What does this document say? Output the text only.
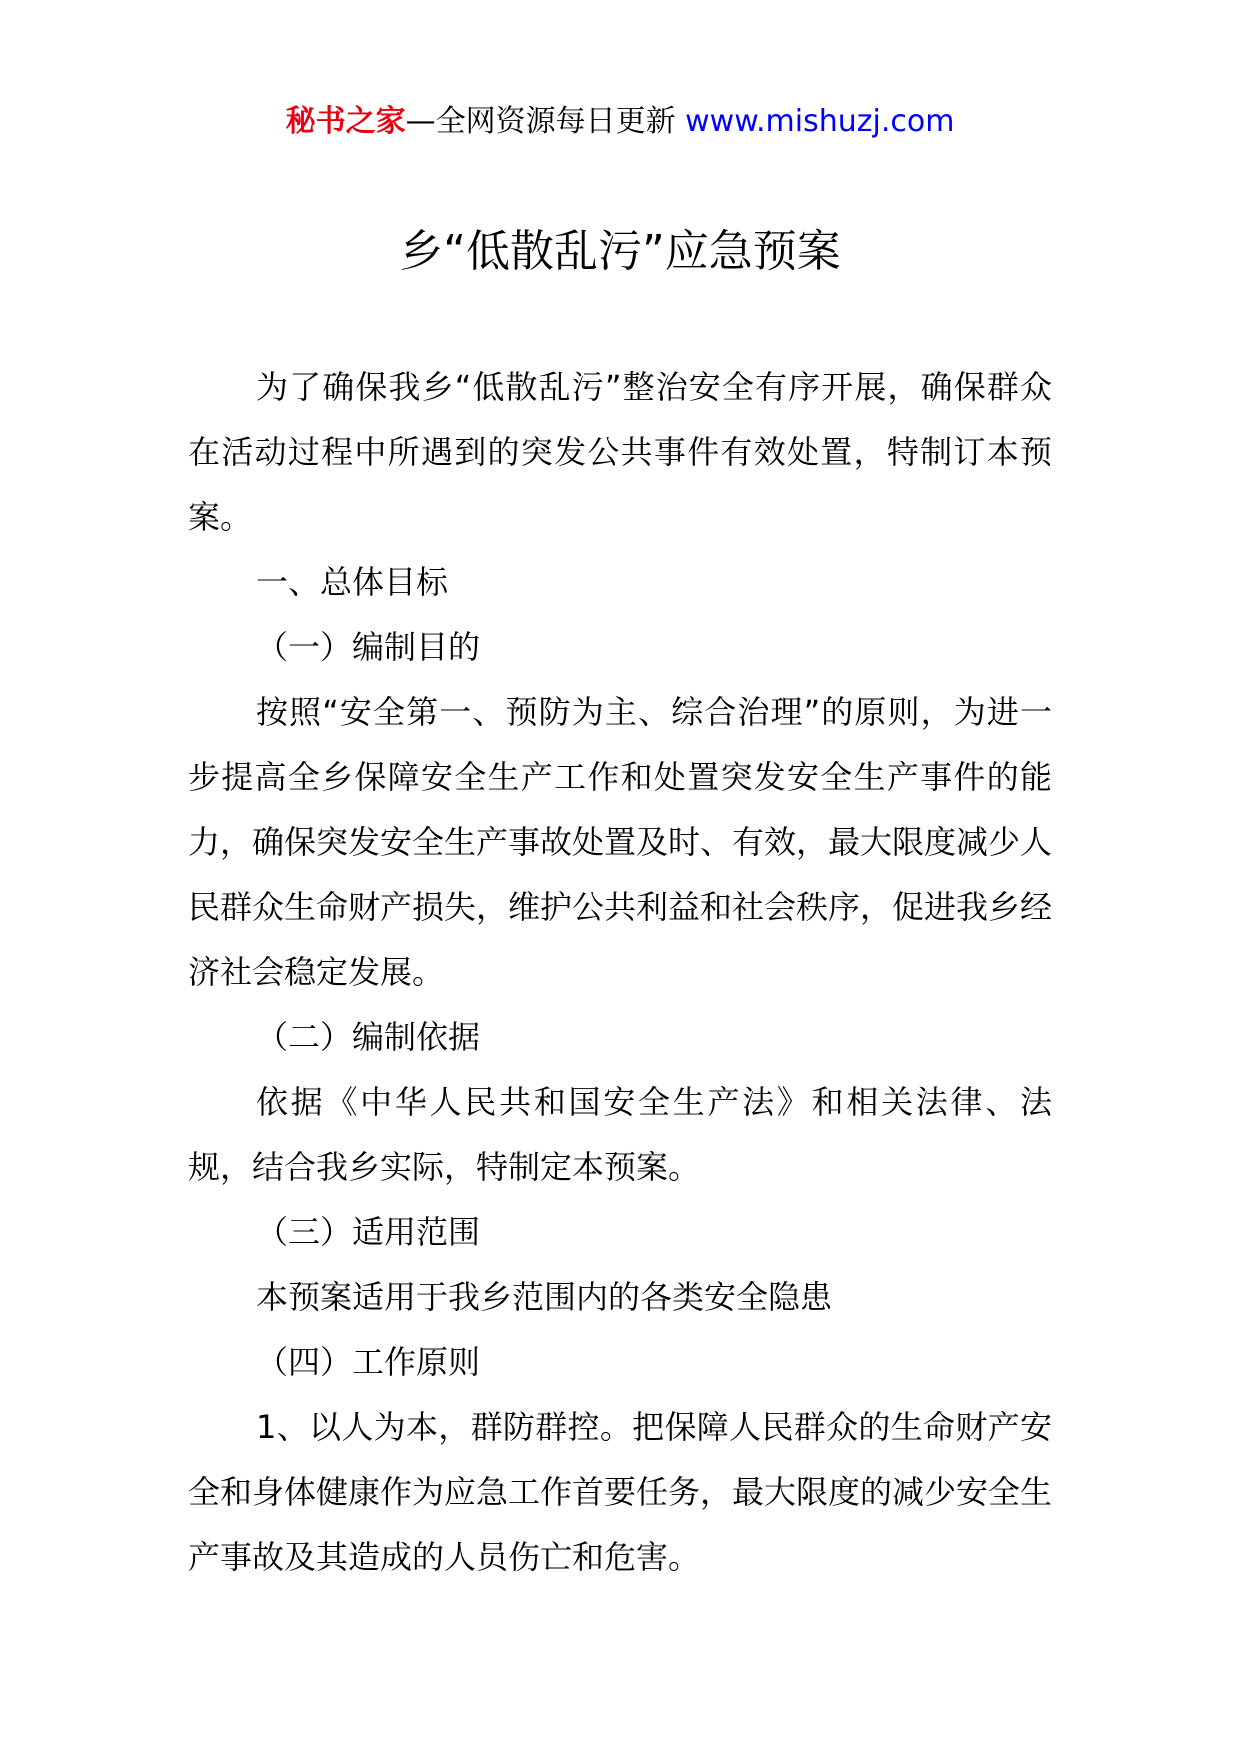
秘书之家—全网资源每日更新 www.mishuzj.com
乡“低散乱污”应急预案

为了确保我乡“低散乱污”整治安全有序开展，确保群众在活动过程中所遇到的突发公共事件有效处置，特制订本预案。

一、总体目标

（一）编制目的

按照“安全第一、预防为主、综合治理”的原则，为进一步提高全乡保障安全生产工作和处置突发安全生产事件的能力，确保突发安全生产事故处置及时、有效，最大限度减少人民群众生命财产损失，维护公共利益和社会秩序，促进我乡经济社会稳定发展。

（二）编制依据

依据《中华人民共和国安全生产法》和相关法律、法规，结合我乡实际，特制定本预案。

（三）适用范围

本预案适用于我乡范围内的各类安全隐患

（四）工作原则

1、以人为本，群防群控。把保障人民群众的生命财产安全和身体健康作为应急工作首要任务，最大限度的减少安全生产事故及其造成的人员伤亡和危害。
